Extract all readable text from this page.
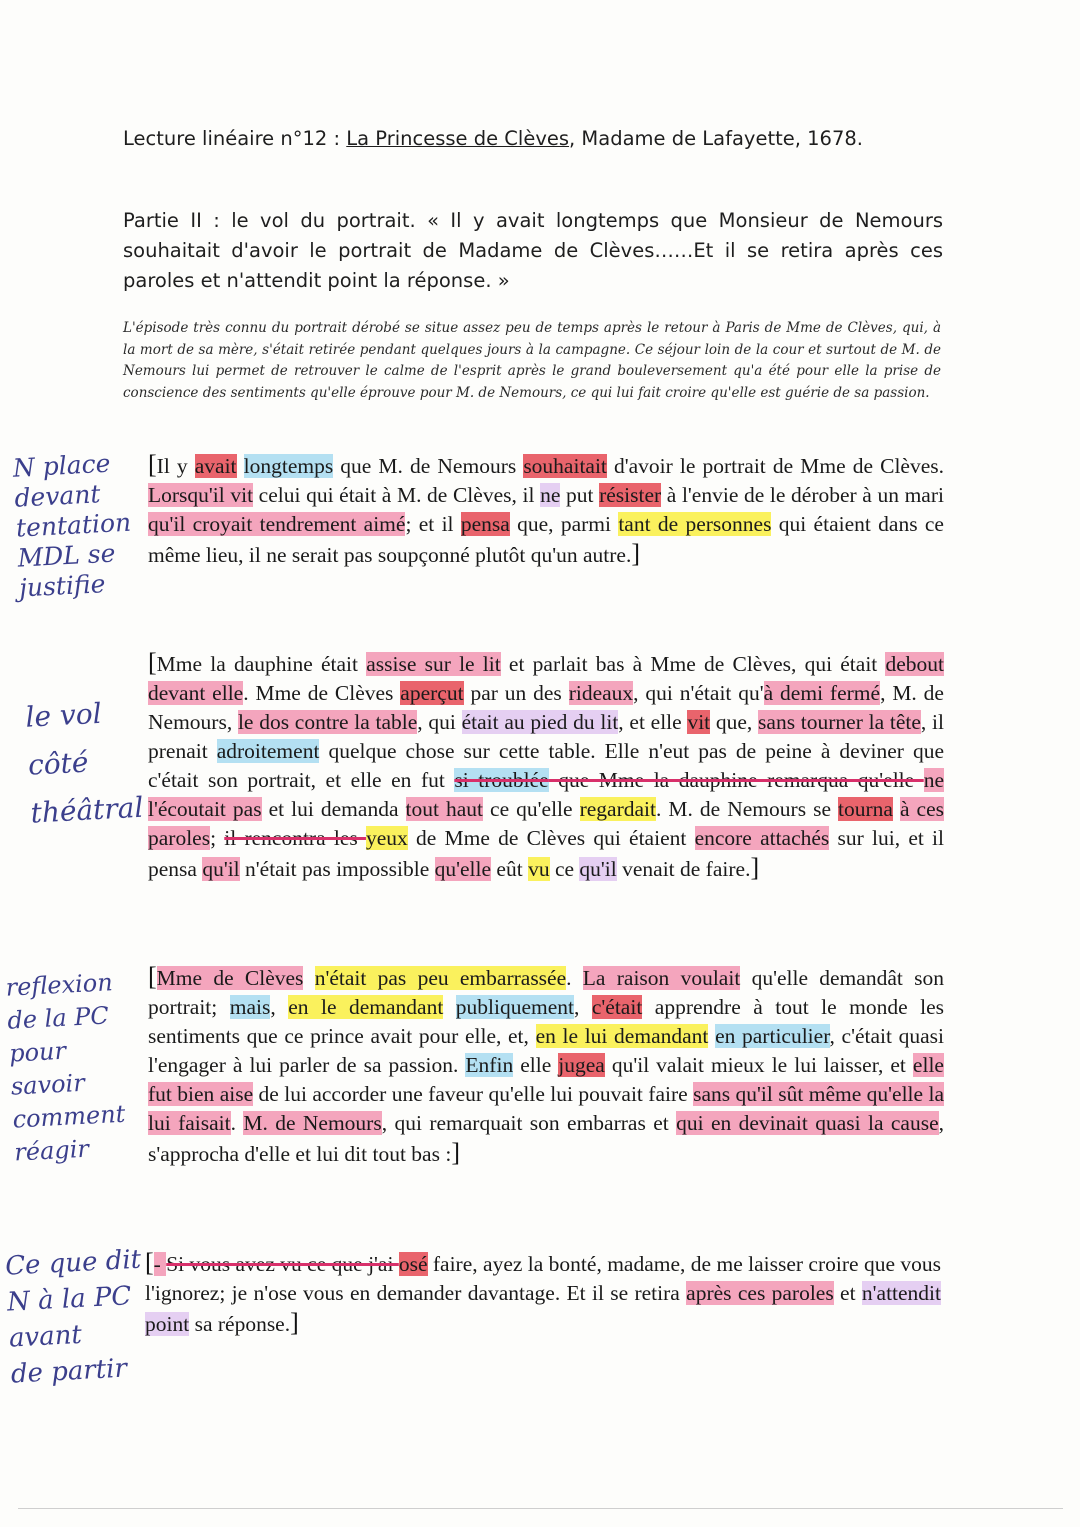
Lecture linéaire n°12 : La Princesse de Clèves, Madame de Lafayette, 1678.
Partie II : le vol du portrait. « Il y avait longtemps que Monsieur de Nemours souhaitait d'avoir le portrait de Madame de Clèves……Et il se retira après ces paroles et n'attendit point la réponse. »
L'épisode très connu du portrait dérobé se situe assez peu de temps après le retour à Paris de Mme de Clèves, qui, à la mort de sa mère, s'était retirée pendant quelques jours à la campagne. Ce séjour loin de la cour et surtout de M. de Nemours lui permet de retrouver le calme de l'esprit après le grand bouleversement qu'a été pour elle la prise de conscience des sentiments qu'elle éprouve pour M. de Nemours, ce qui lui fait croire qu'elle est guérie de sa passion.
[Il y avait longtemps que M. de Nemours souhaitait d'avoir le portrait de Mme de Clèves. Lorsqu'il vit celui qui était à M. de Clèves, il ne put résister à l'envie de le dérober à un mari qu'il croyait tendrement aimé; et il pensa que, parmi tant de personnes qui étaient dans ce même lieu, il ne serait pas soupçonné plutôt qu'un autre.]
[Mme la dauphine était assise sur le lit et parlait bas à Mme de Clèves, qui était debout devant elle. Mme de Clèves aperçut par un des rideaux, qui n'était qu'à demi fermé, M. de Nemours, le dos contre la table, qui était au pied du lit, et elle vit que, sans tourner la tête, il prenait adroitement quelque chose sur cette table. Elle n'eut pas de peine à deviner que c'était son portrait, et elle en fut si troublée que Mme la dauphine remarqua qu'elle ne l'écoutait pas et lui demanda tout haut ce qu'elle regardait. M. de Nemours se tourna à ces paroles; il rencontra les yeux de Mme de Clèves qui étaient encore attachés sur lui, et il pensa qu'il n'était pas impossible qu'elle eût vu ce qu'il venait de faire.]
[Mme de Clèves n'était pas peu embarrassée. La raison voulait qu'elle demandât son portrait; mais, en le demandant publiquement, c'était apprendre à tout le monde les sentiments que ce prince avait pour elle, et, en le lui demandant en particulier, c'était quasi l'engager à lui parler de sa passion. Enfin elle jugea qu'il valait mieux le lui laisser, et elle fut bien aise de lui accorder une faveur qu'elle lui pouvait faire sans qu'il sût même qu'elle la lui faisait. M. de Nemours, qui remarquait son embarras et qui en devinait quasi la cause, s'approcha d'elle et lui dit tout bas :]
[- Si vous avez vu ce que j'ai osé faire, ayez la bonté, madame, de me laisser croire que vous l'ignorez; je n'ose vous en demander davantage. Et il se retira après ces paroles et n'attendit point sa réponse.]
N place
devant
tentation
MDL se
justifie
le vol
côté
théâtral
reflexion
de la PC
pour
savoir
comment
réagir
Ce que dit
N à la PC
avant
de partir
